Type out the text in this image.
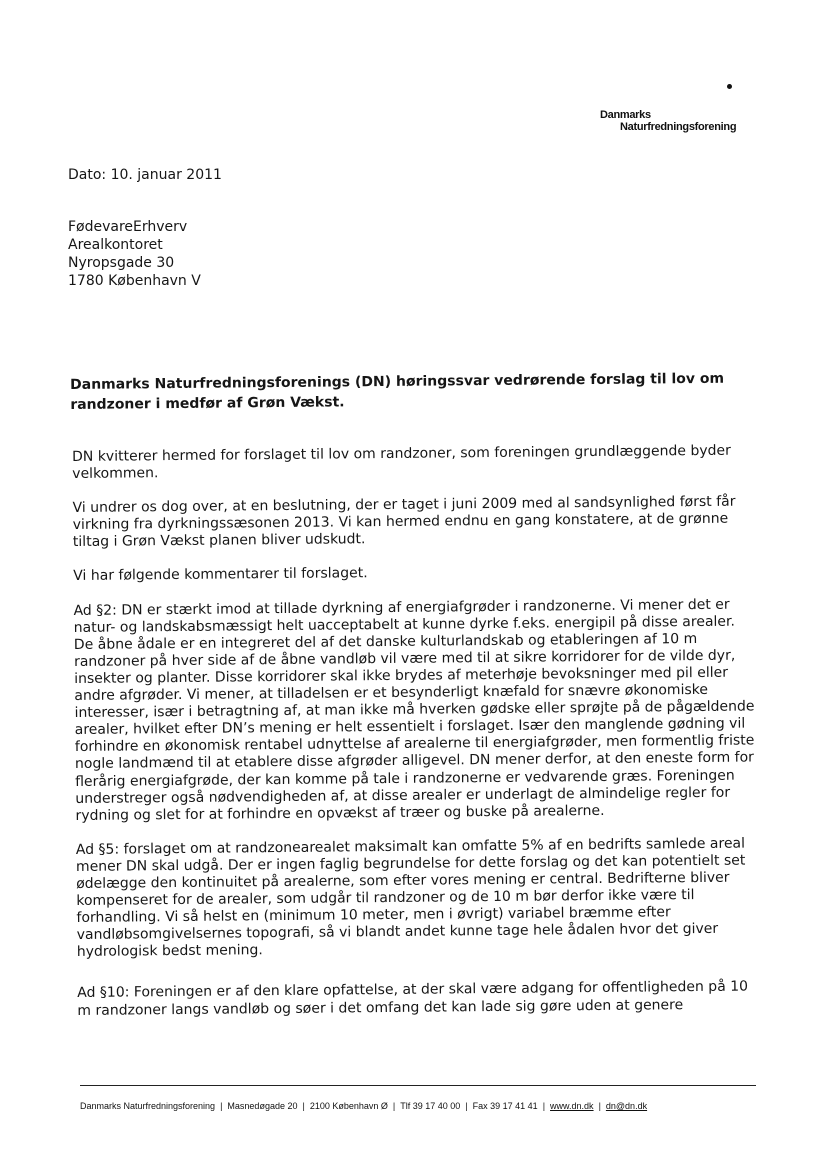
Danmarks
Naturfredningsforening
Dato: 10. januar 2011
FødevareErhverv
Arealkontoret
Nyropsgade 30
1780 København V
Danmarks Naturfredningsforenings (DN) høringssvar vedrørende forslag til lov om randzoner i medfør af Grøn Vækst.

DN kvitterer hermed for forslaget til lov om randzoner, som foreningen grundlæggende byder velkommen.

Vi undrer os dog over, at en beslutning, der er taget i juni 2009 med al sandsynlighed først får virkning fra dyrkningssæsonen 2013. Vi kan hermed endnu en gang konstatere, at de grønne tiltag i Grøn Vækst planen bliver udskudt.

Vi har følgende kommentarer til forslaget.

Ad §2: DN er stærkt imod at tillade dyrkning af energiafgrøder i randzonerne. Vi mener det er natur- og landskabsmæssigt helt uacceptabelt at kunne dyrke f.eks. energipil på disse arealer. De åbne ådale er en integreret del af det danske kulturlandskab og etableringen af 10 m randzoner på hver side af de åbne vandløb vil være med til at sikre korridorer for de vilde dyr, insekter og planter. Disse korridorer skal ikke brydes af meterhøje bevoksninger med pil eller andre afgrøder. Vi mener, at tilladelsen er et besynderligt knæfald for snævre økonomiske interesser, især i betragtning af, at man ikke må hverken gødske eller sprøjte på de pågældende arealer, hvilket efter DN’s mening er helt essentielt i forslaget. Især den manglende gødning vil forhindre en økonomisk rentabel udnyttelse af arealerne til energiafgrøder, men formentlig friste nogle landmænd til at etablere disse afgrøder alligevel. DN mener derfor, at den eneste form for flerårig energiafgrøde, der kan komme på tale i randzonerne er vedvarende græs. Foreningen understreger også nødvendigheden af, at disse arealer er underlagt de almindelige regler for rydning og slet for at forhindre en opvækst af træer og buske på arealerne.

Ad §5: forslaget om at randzonearealet maksimalt kan omfatte 5% af en bedrifts samlede areal mener DN skal udgå. Der er ingen faglig begrundelse for dette forslag og det kan potentielt set ødelægge den kontinuitet på arealerne, som efter vores mening er central. Bedrifterne bliver kompenseret for de arealer, som udgår til randzoner og de 10 m bør derfor ikke være til forhandling. Vi så helst en (minimum 10 meter, men i øvrigt) variabel bræmme efter vandløbsomgivelsernes topografi, så vi blandt andet kunne tage hele ådalen hvor det giver hydrologisk bedst mening.

Ad §10: Foreningen er af den klare opfattelse, at der skal være adgang for offentligheden på 10 m randzoner langs vandløb og søer i det omfang det kan lade sig gøre uden at genere

Danmarks Naturfredningsforening | Masnedøgade 20 | 2100 København Ø | Tlf 39 17 40 00 | Fax 39 17 41 41 | www.dn.dk | dn@dn.dk
